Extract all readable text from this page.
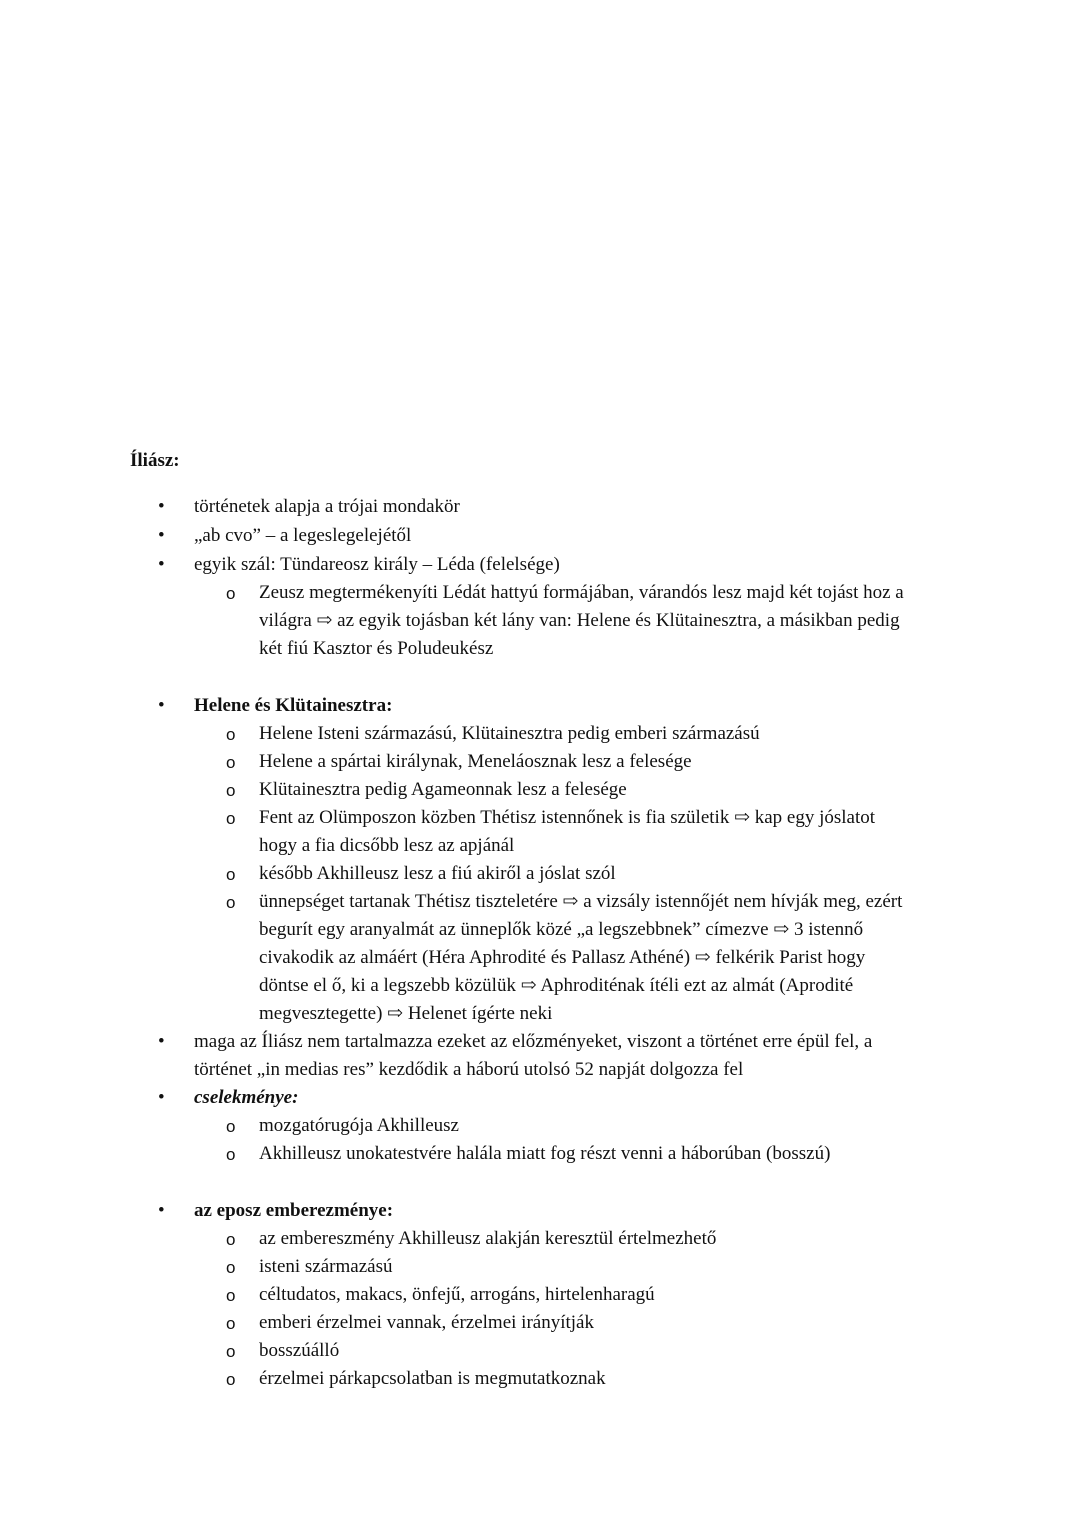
Íliász:
• történetek alapja a trójai mondakör
• „ab cvo” – a legeslegelejétől
• egyik szál: Tündareosz király – Léda (felelsége)
o Zeusz megtermékenyíti Lédát hattyú formájában, várandós lesz majd két tojást hoz a
világra ⇨ az egyik tojásban két lány van: Helene és Klütainesztra, a másikban pedig
két fiú Kasztor és Poludeukész
• Helene és Klütainesztra:
o Helene Isteni származású, Klütainesztra pedig emberi származású
o Helene a spártai királynak, Meneláosznak lesz a felesége
o Klütainesztra pedig Agameonnak lesz a felesége
o Fent az Olümposzon közben Thétisz istennőnek is fia születik ⇨ kap egy jóslatot
hogy a fia dicsőbb lesz az apjánál
o később Akhilleusz lesz a fiú akiről a jóslat szól
o ünnepséget tartanak Thétisz tiszteletére ⇨ a vizsály istennőjét nem hívják meg, ezért
begurít egy aranyalmát az ünneplők közé „a legszebbnek” címezve ⇨ 3 istennő
civakodik az almáért (Héra Aphrodité és Pallasz Athéné) ⇨ felkérik Parist hogy
döntse el ő, ki a legszebb közülük ⇨ Aphroditénak ítéli ezt az almát (Aprodité
megvesztegette) ⇨ Helenet ígérte neki
• maga az Íliász nem tartalmazza ezeket az előzményeket, viszont a történet erre épül fel, a
történet „in medias res” kezdődik a háború utolsó 52 napját dolgozza fel
• cselekménye:
o mozgatórugója Akhilleusz
o Akhilleusz unokatestvére halála miatt fog részt venni a háborúban (bosszú)
• az eposz emberezménye:
o az embereszmény Akhilleusz alakján keresztül értelmezhető
o isteni származású
o céltudatos, makacs, önfejű, arrogáns, hirtelenharagú
o emberi érzelmei vannak, érzelmei irányítják
o bosszúálló
o érzelmei párkapcsolatban is megmutatkoznak
